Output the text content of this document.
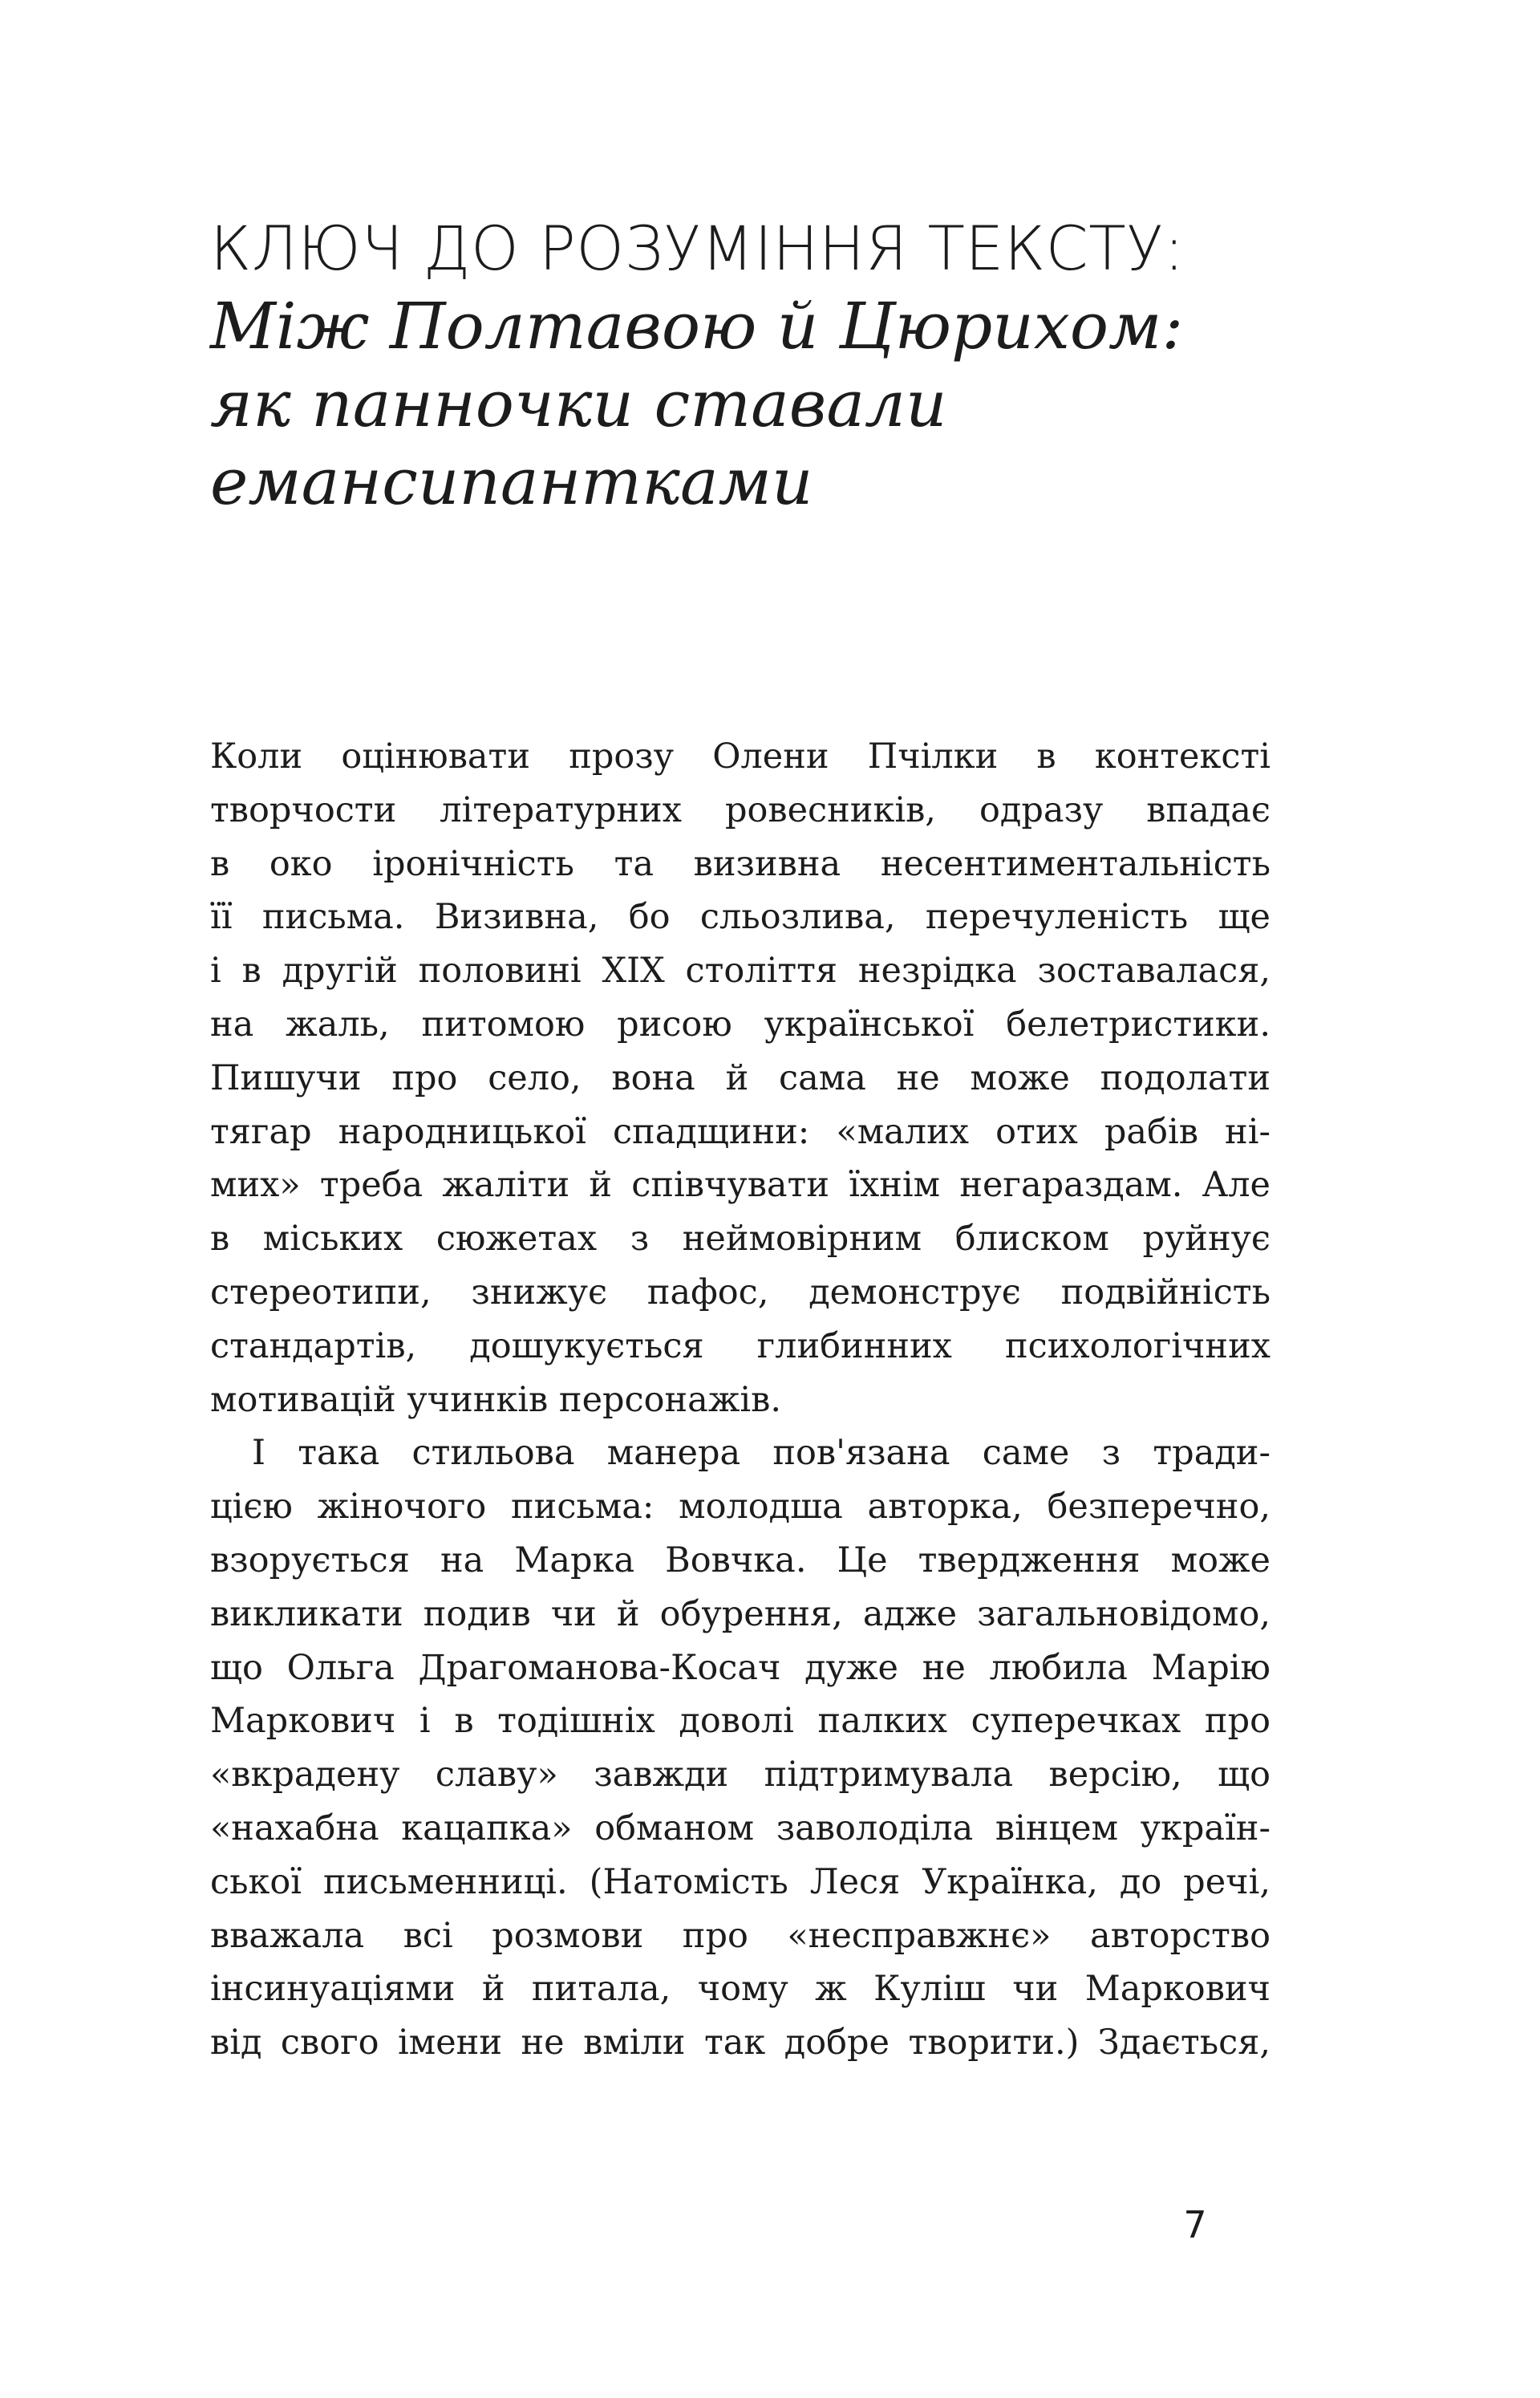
КЛЮЧ ДО РОЗУМІННЯ ТЕКСТУ:
Між Полтавою й Цюрихом:
як панночки ставали
емансипантками
Коли оцінювати прозу Олени Пчілки в контексті
творчости літературних ровесників, одразу впадає
в око іронічність та визивна несентиментальність
її письма. Визивна, бо сльозлива, перечуленість ще
і в другій половині XIX століття незрідка зоставалася,
на жаль, питомою рисою української белетристики.
Пишучи про село, вона й сама не може подолати
тягар народницької спадщини: «малих отих рабів ні-
мих» треба жаліти й співчувати їхнім негараздам. Але
в міських сюжетах з неймовірним блиском руйнує
стереотипи, знижує пафос, демонструє подвійність
стандартів, дошукується глибинних психологічних
мотивацій учинків персонажів.
І така стильова манера пов'язана саме з тради-
цією жіночого письма: молодша авторка, безперечно,
взорується на Марка Вовчка. Це твердження може
викликати подив чи й обурення, адже загальновідомо,
що Ольга Драгоманова-Косач дуже не любила Марію
Маркович і в тодішніх доволі палких суперечках про
«вкрадену славу» завжди підтримувала версію, що
«нахабна кацапка» обманом заволоділа вінцем україн-
ської письменниці. (Натомість Леся Українка, до речі,
вважала всі розмови про «несправжнє» авторство
інсинуаціями й питала, чому ж Куліш чи Маркович
від свого імени не вміли так добре творити.) Здається,
7
